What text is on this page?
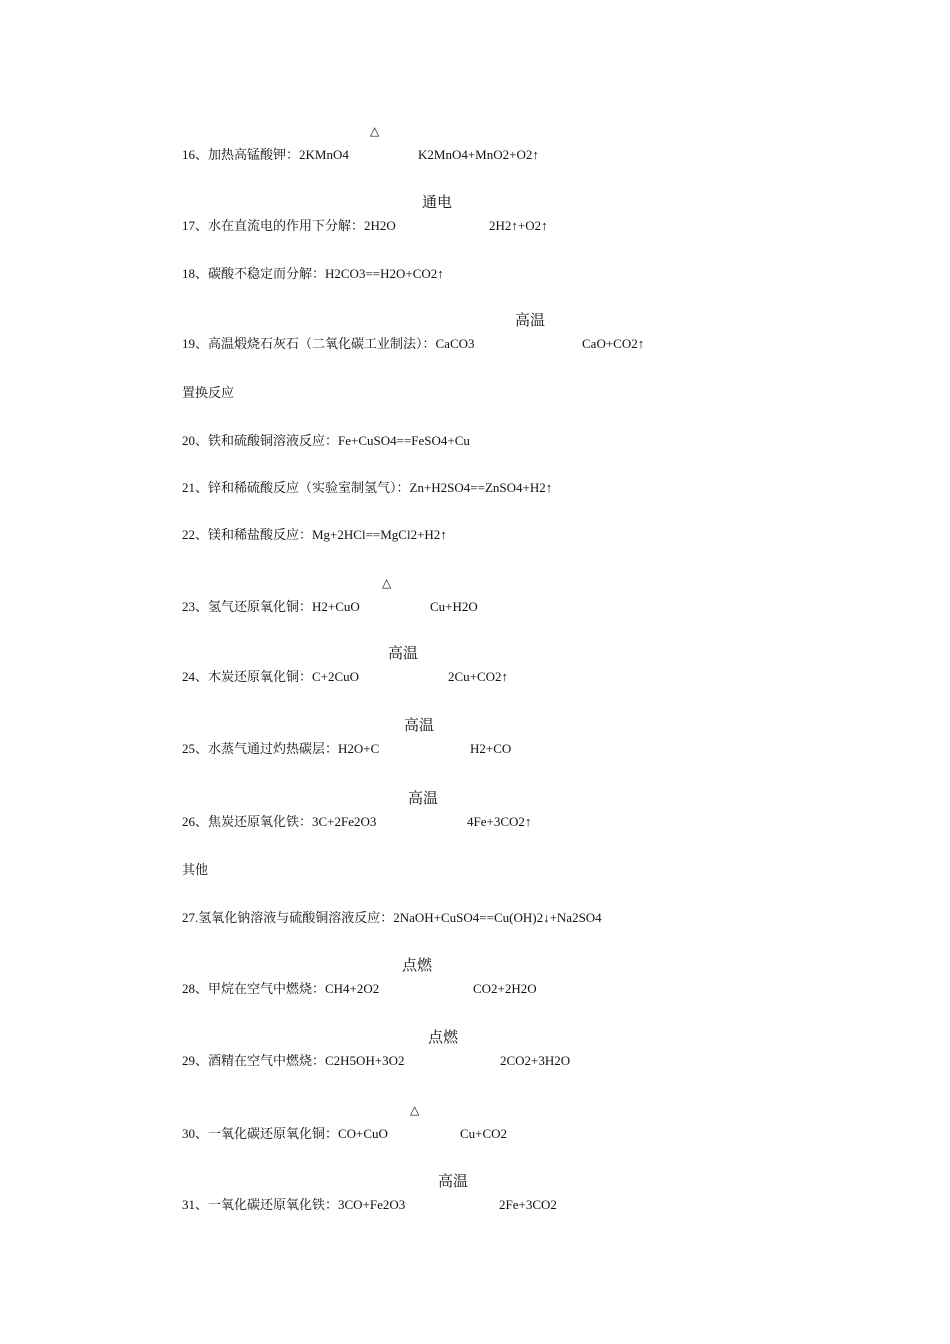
16、加热高锰酸钾：2KMnO4
△
K2MnO4+MnO2+O2↑
17、水在直流电的作用下分解：2H2O
通电
2H2↑+O2↑
18、碳酸不稳定而分解：H2CO3==H2O+CO2↑
19、高温煅烧石灰石（二氧化碳工业制法）：CaCO3
高温
CaO+CO2↑
置换反应
20、铁和硫酸铜溶液反应：Fe+CuSO4==FeSO4+Cu
21、锌和稀硫酸反应（实验室制氢气）：Zn+H2SO4==ZnSO4+H2↑
22、镁和稀盐酸反应：Mg+2HCl==MgCl2+H2↑
23、氢气还原氧化铜：H2+CuO
△
Cu+H2O
24、木炭还原氧化铜：C+2CuO
高温
2Cu+CO2↑
25、水蒸气通过灼热碳层：H2O+C
高温
H2+CO
26、焦炭还原氧化铁：3C+2Fe2O3
高温
4Fe+3CO2↑
其他
27.氢氧化钠溶液与硫酸铜溶液反应：2NaOH+CuSO4==Cu(OH)2↓+Na2SO4
28、甲烷在空气中燃烧：CH4+2O2
点燃
CO2+2H2O
29、酒精在空气中燃烧：C2H5OH+3O2
点燃
2CO2+3H2O
30、一氧化碳还原氧化铜：CO+CuO
△
Cu+CO2
31、一氧化碳还原氧化铁：3CO+Fe2O3
高温
2Fe+3CO2
